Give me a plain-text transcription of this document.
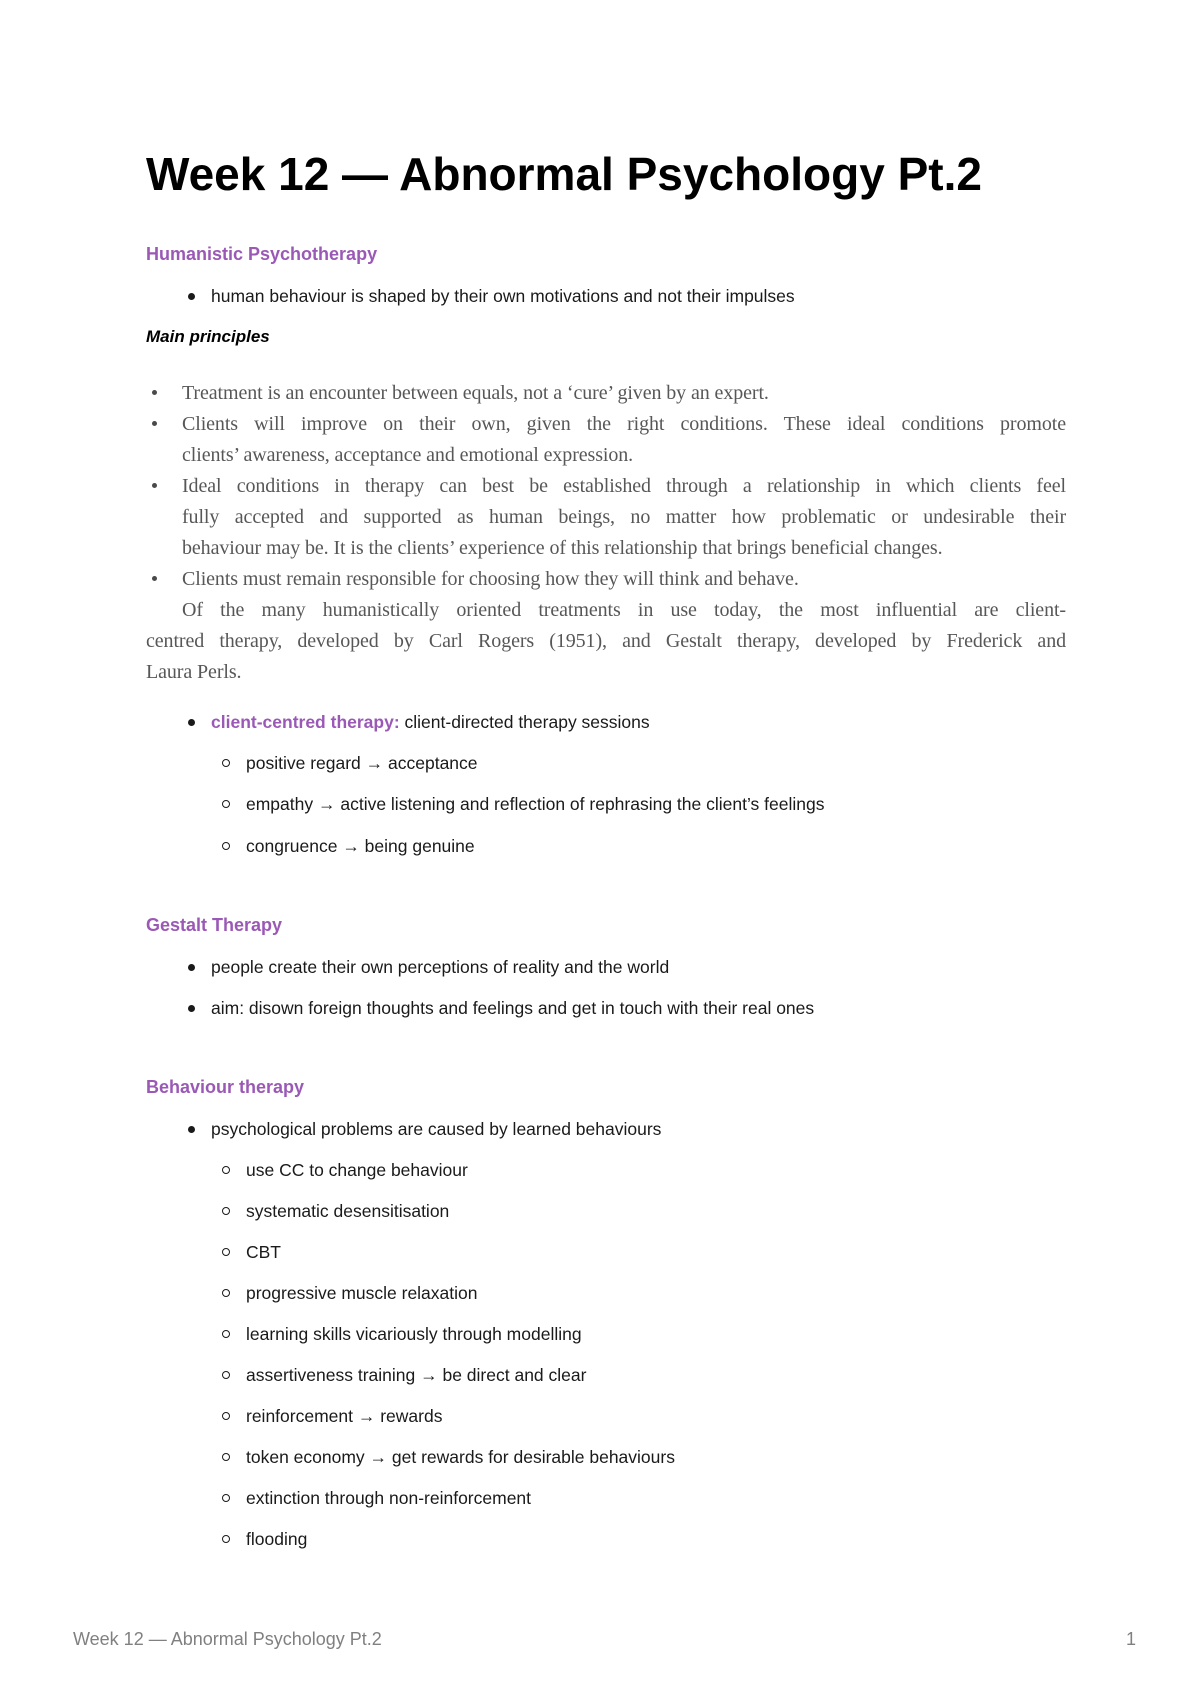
Week 12 — Abnormal Psychology Pt.2
Humanistic Psychotherapy
human behaviour is shaped by their own motivations and not their impulses
Main principles
Treatment is an encounter between equals, not a ‘cure’ given by an expert.
Clients will improve on their own, given the right conditions. These ideal conditions promote
clients’ awareness, acceptance and emotional expression.
Ideal conditions in therapy can best be established through a relationship in which clients feel
fully accepted and supported as human beings, no matter how problematic or undesirable their
behaviour may be. It is the clients’ experience of this relationship that brings beneficial changes.
Clients must remain responsible for choosing how they will think and behave.
Of the many humanistically oriented treatments in use today, the most influential are client-
centred therapy, developed by Carl Rogers (1951), and Gestalt therapy, developed by Frederick and
Laura Perls.
client-centred therapy: client-directed therapy sessions
positive regard → acceptance
empathy → active listening and reflection of rephrasing the client’s feelings
congruence → being genuine
Gestalt Therapy
people create their own perceptions of reality and the world
aim: disown foreign thoughts and feelings and get in touch with their real ones
Behaviour therapy
psychological problems are caused by learned behaviours
use CC to change behaviour
systematic desensitisation
CBT
progressive muscle relaxation
learning skills vicariously through modelling
assertiveness training → be direct and clear
reinforcement → rewards
token economy → get rewards for desirable behaviours
extinction through non-reinforcement
flooding
Week 12 — Abnormal Psychology Pt.2	1
